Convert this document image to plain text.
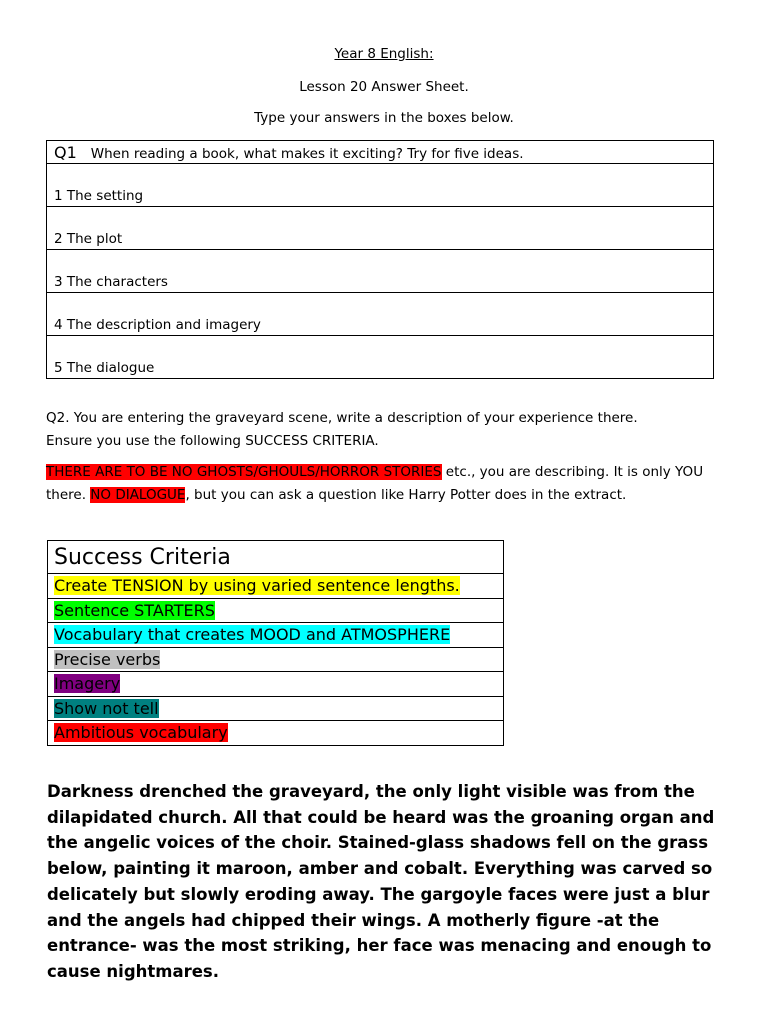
Year 8 English:
Lesson 20 Answer Sheet.
Type your answers in the boxes below.
Q1 When reading a book, what makes it exciting? Try for five ideas.
1 The setting
2 The plot
3 The characters
4 The description and imagery
5 The dialogue
Q2. You are entering the graveyard scene, write a description of your experience there.
Ensure you use the following SUCCESS CRITERIA.
THERE ARE TO BE NO GHOSTS/GHOULS/HORROR STORIES etc., you are describing. It is only YOU there. NO DIALOGUE, but you can ask a question like Harry Potter does in the extract.
Success Criteria
Create TENSION by using varied sentence lengths.
Sentence STARTERS
Vocabulary that creates MOOD and ATMOSPHERE
Precise verbs
Imagery
Show not tell
Ambitious vocabulary
Darkness drenched the graveyard, the only light visible was from the dilapidated church. All that could be heard was the groaning organ and the angelic voices of the choir. Stained-glass shadows fell on the grass below, painting it maroon, amber and cobalt. Everything was carved so delicately but slowly eroding away. The gargoyle faces were just a blur and the angels had chipped their wings. A motherly figure -at the entrance- was the most striking, her face was menacing and enough to cause nightmares.
